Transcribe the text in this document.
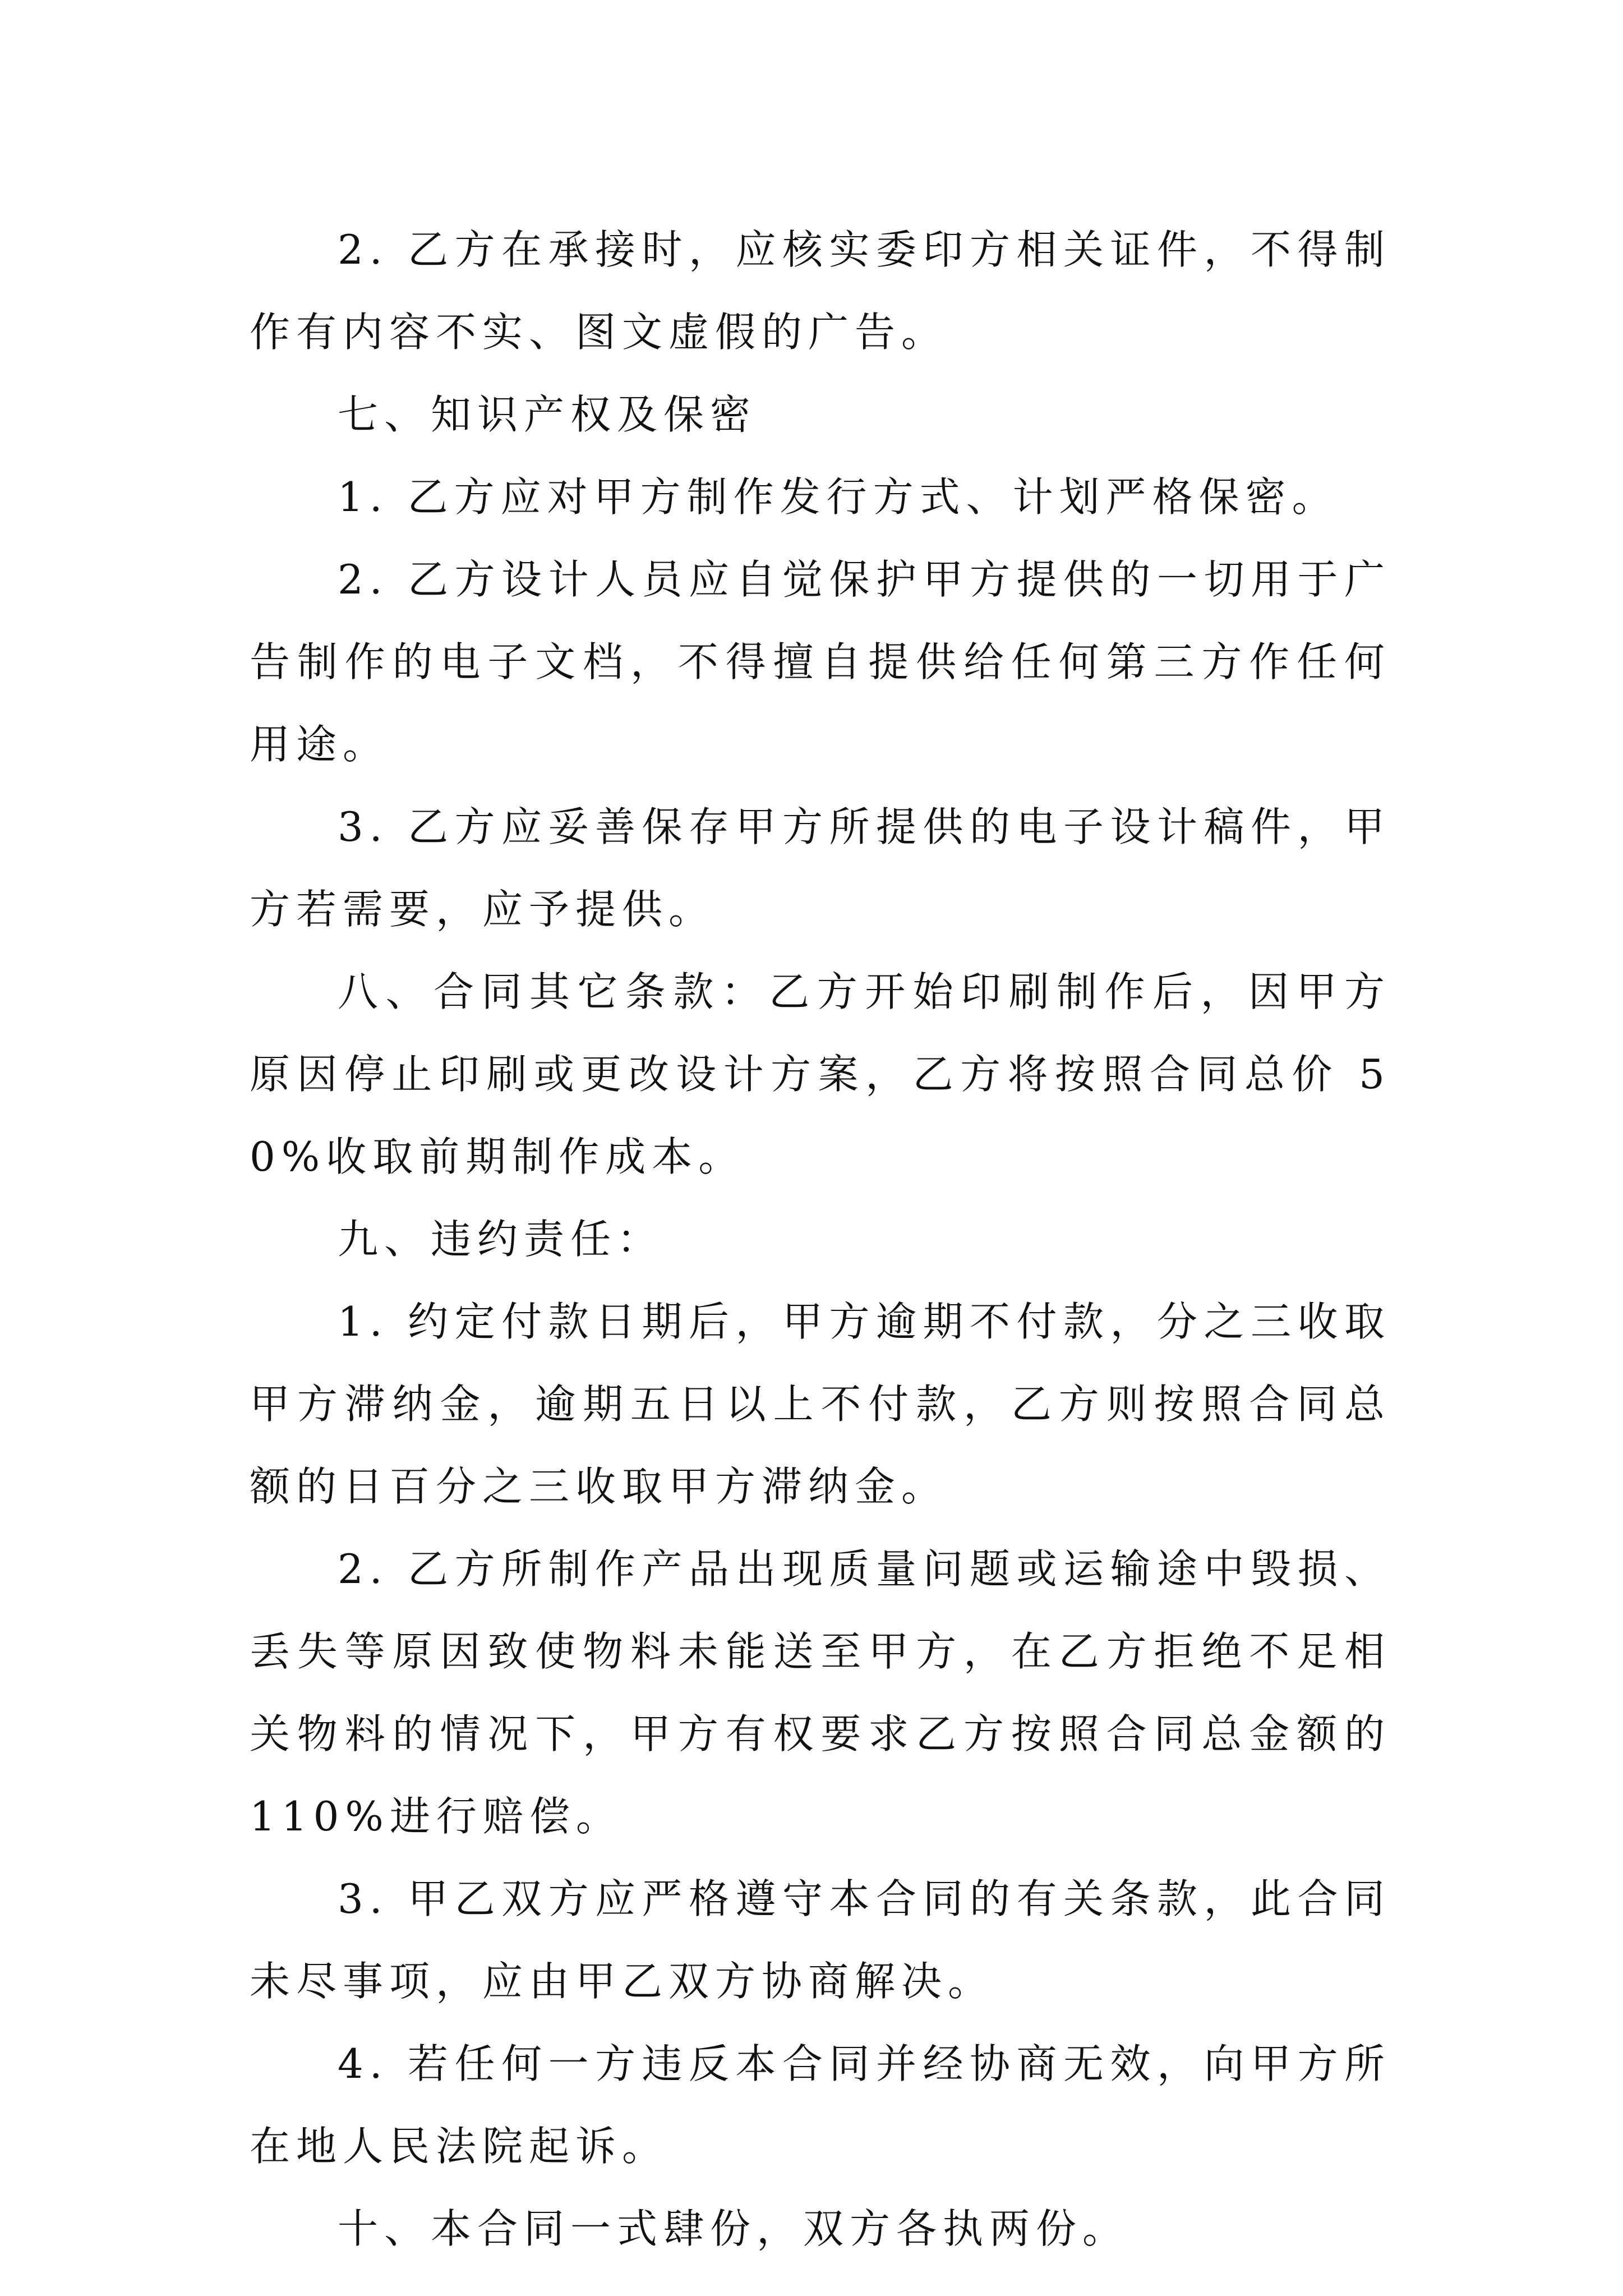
2. 乙方在承接时，应核实委印方相关证件，不得制作有内容不实、图文虚假的广告。

七、知识产权及保密

1. 乙方应对甲方制作发行方式、计划严格保密。

2. 乙方设计人员应自觉保护甲方提供的一切用于广告制作的电子文档，不得擅自提供给任何第三方作任何用途。

3. 乙方应妥善保存甲方所提供的电子设计稿件，甲方若需要，应予提供。

八、合同其它条款：乙方开始印刷制作后，因甲方原因停止印刷或更改设计方案，乙方将按照合同总价 50%收取前期制作成本。

九、违约责任：

1. 约定付款日期后，甲方逾期不付款，分之三收取甲方滞纳金，逾期五日以上不付款，乙方则按照合同总额的日百分之三收取甲方滞纳金。

2. 乙方所制作产品出现质量问题或运输途中毁损、丢失等原因致使物料未能送至甲方，在乙方拒绝不足相关物料的情况下，甲方有权要求乙方按照合同总金额的 110%进行赔偿。

3. 甲乙双方应严格遵守本合同的有关条款，此合同未尽事项，应由甲乙双方协商解决。

4. 若任何一方违反本合同并经协商无效，向甲方所在地人民法院起诉。

十、本合同一式肆份，双方各执两份。
